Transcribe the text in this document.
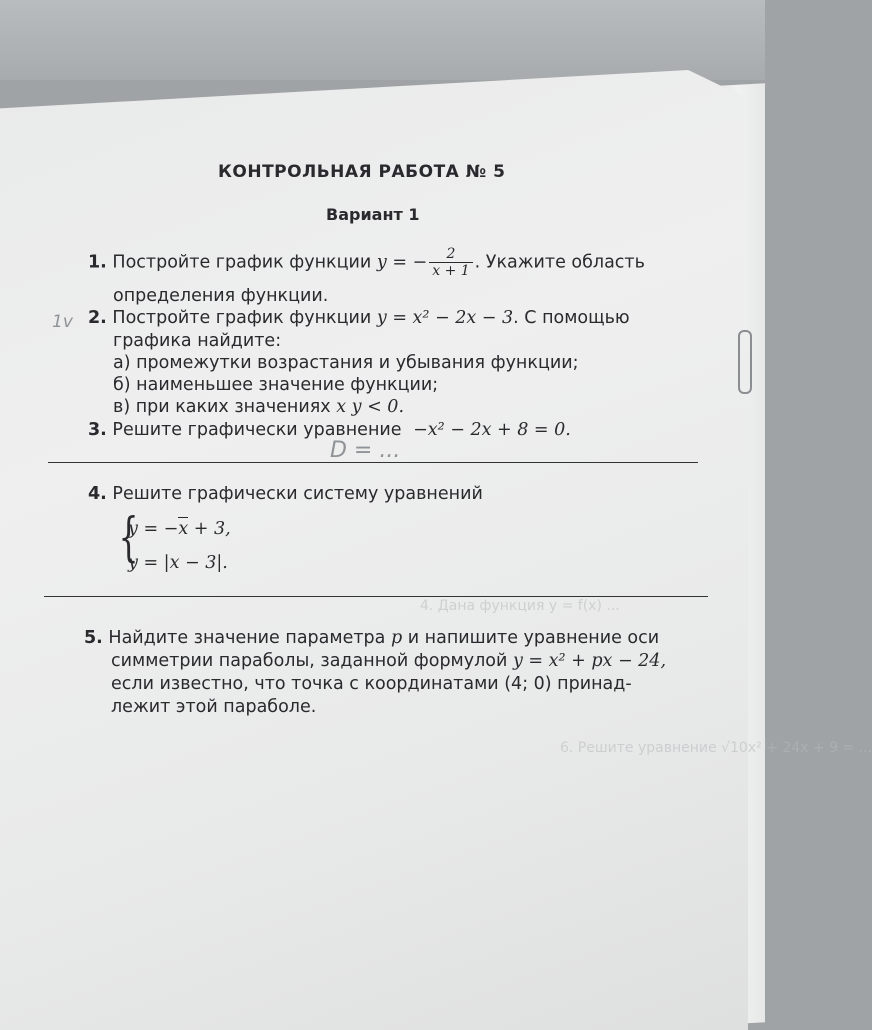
6. Решите уравнение √10x² + 24x + 9 = ...
4. Дана функция y = f(x) ...
КОНТРОЛЬНАЯ РАБОТА № 5
Вариант 1
1. Постройте график функции y = − $\frac{2}{x + 1}$ . Укажите область
определения функции.
2. Постройте график функции y = x² − 2x − 3. С помощью
графика найдите:
а) промежутки возрастания и убывания функции;
б) наименьшее значение функции;
в) при каких значениях x y < 0.
3. Решите графически уравнение −x² − 2x + 8 = 0.
D = ...
1v
4. Решите графически систему уравнений
{
y = −x + 3,
y = |x − 3|.
5. Найдите значение параметра p и напишите уравнение оси
симметрии параболы, заданной формулой y = x² + px − 24,
если известно, что точка с координатами (4; 0) принад-
лежит этой параболе.
